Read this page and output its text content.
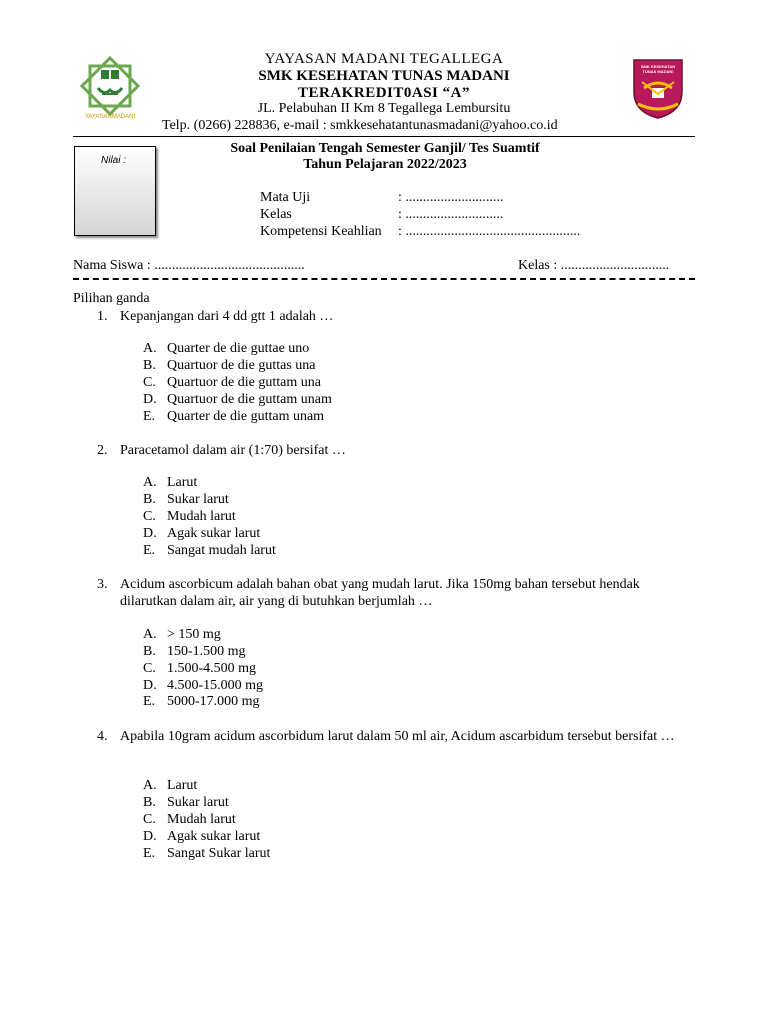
YAYASANMADANI
SMK KESEHATAN TUNAS MADANI
YAYASAN MADANI TEGALLEGA
SMK KESEHATAN TUNAS MADANI
TERAKREDIT0ASI “A”
JL. Pelabuhan II Km 8 Tegallega Lembursitu
Telp. (0266) 228836, e-mail : smkkesehatantunasmadani@yahoo.co.id
Nilai :
Soal Penilaian Tengah Semester Ganjil/ Tes Suamtif
Tahun Pelajaran 2022/2023
Mata Uji	: ............................
Kelas	: ............................
Kompetensi Keahlian : ..................................................
Nama Siswa : ...........................................	Kelas : ...............................
Pilihan ganda
1. Kepanjangan dari 4 dd gtt 1 adalah …
A. Quarter de die guttae uno
B. Quartuor de die guttas una
C. Quartuor de die guttam una
D. Quartuor de die guttam unam
E. Quarter de die guttam unam
2. Paracetamol dalam air (1:70) bersifat …
A. Larut
B. Sukar larut
C. Mudah larut
D. Agak sukar larut
E. Sangat mudah larut
3. Acidum ascorbicum adalah bahan obat yang mudah larut. Jika 150mg bahan tersebut hendak dilarutkan dalam air, air yang di butuhkan berjumlah …
A. > 150 mg
B. 150-1.500 mg
C. 1.500-4.500 mg
D. 4.500-15.000 mg
E. 5000-17.000 mg
4. Apabila 10gram acidum ascorbidum larut dalam 50 ml air, Acidum ascarbidum tersebut bersifat …
A. Larut
B. Sukar larut
C. Mudah larut
D. Agak sukar larut
E. Sangat Sukar larut
